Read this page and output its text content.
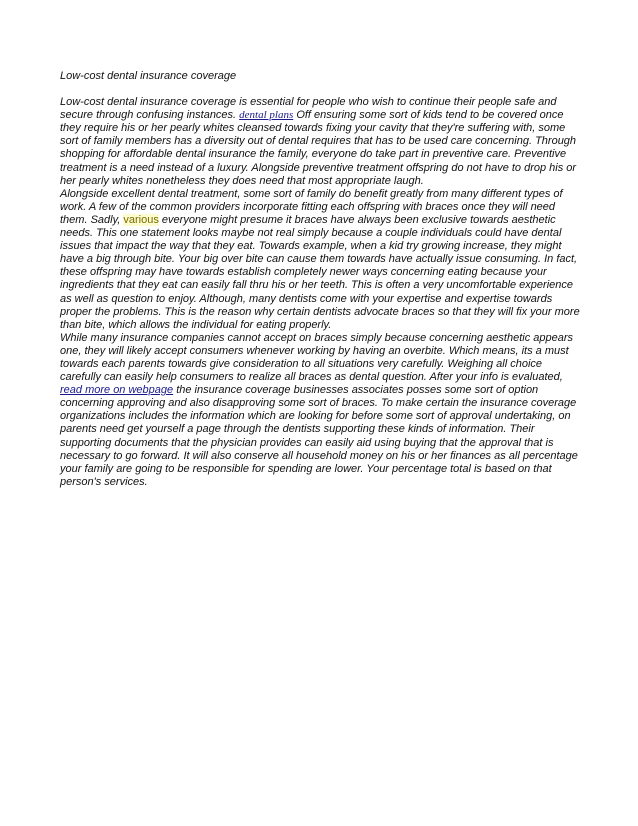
Low-cost dental insurance coverage

Low-cost dental insurance coverage is essential for people who wish to continue their people safe and secure through confusing instances. dental plans Off ensuring some sort of kids tend to be covered once they require his or her pearly whites cleansed towards fixing your cavity that they're suffering with, some sort of family members has a diversity out of dental requires that has to be used care concerning. Through shopping for affordable dental insurance the family, everyone do take part in preventive care. Preventive treatment is a need instead of a luxury. Alongside preventive treatment offspring do not have to drop his or her pearly whites nonetheless they does need that most appropriate laugh.

Alongside excellent dental treatment, some sort of family do benefit greatly from many different types of work. A few of the common providers incorporate fitting each offspring with braces once they will need them. Sadly, various everyone might presume it braces have always been exclusive towards aesthetic needs. This one statement looks maybe not real simply because a couple individuals could have dental issues that impact the way that they eat. Towards example, when a kid try growing increase, they might have a big through bite. Your big over bite can cause them towards have actually issue consuming. In fact, these offspring may have towards establish completely newer ways concerning eating because your ingredients that they eat can easily fall thru his or her teeth. This is often a very uncomfortable experience as well as question to enjoy. Although, many dentists come with your expertise and expertise towards proper the problems. This is the reason why certain dentists advocate braces so that they will fix your more than bite, which allows the individual for eating properly.

While many insurance companies cannot accept on braces simply because concerning aesthetic appears one, they will likely accept consumers whenever working by having an overbite. Which means, its a must towards each parents towards give consideration to all situations very carefully. Weighing all choice carefully can easily help consumers to realize all braces as dental question. After your info is evaluated, read more on webpage the insurance coverage businesses associates posses some sort of option concerning approving and also disapproving some sort of braces. To make certain the insurance coverage organizations includes the information which are looking for before some sort of approval undertaking, on parents need get yourself a page through the dentists supporting these kinds of information. Their supporting documents that the physician provides can easily aid using buying that the approval that is necessary to go forward. It will also conserve all household money on his or her finances as all percentage your family are going to be responsible for spending are lower. Your percentage total is based on that person's services.
